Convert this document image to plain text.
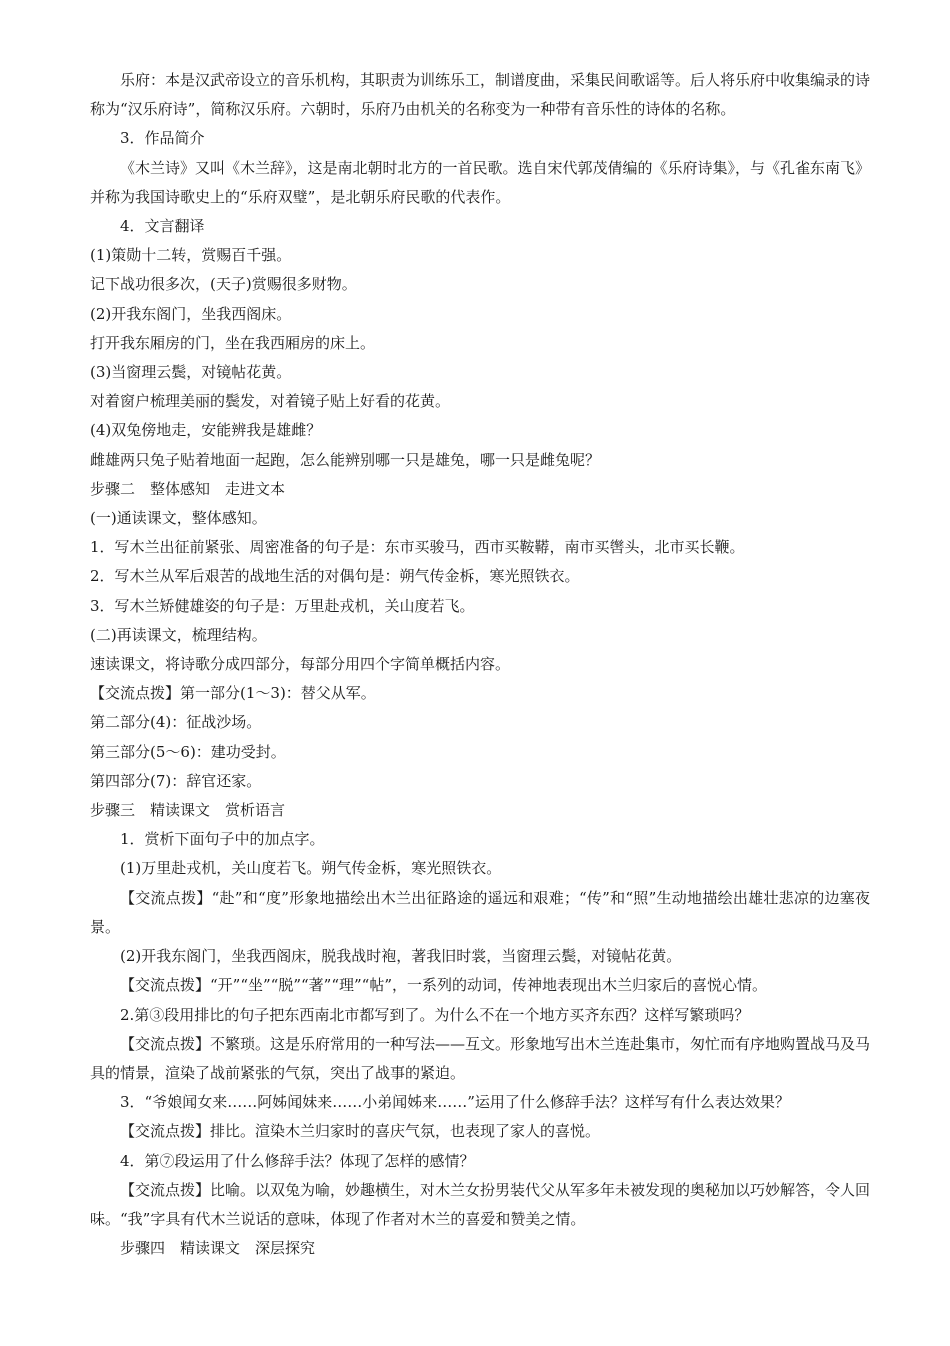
乐府：本是汉武帝设立的音乐机构，其职责为训练乐工，制谱度曲，采集民间歌谣等。后人将乐府中收集编录的诗称为“汉乐府诗”，简称汉乐府。六朝时，乐府乃由机关的名称变为一种带有音乐性的诗体的名称。

3．作品简介

《木兰诗》又叫《木兰辞》，这是南北朝时北方的一首民歌。选自宋代郭茂倩编的《乐府诗集》，与《孔雀东南飞》并称为我国诗歌史上的“乐府双璧”，是北朝乐府民歌的代表作。

4．文言翻译

(1)策勋十二转，赏赐百千强。

记下战功很多次，(天子)赏赐很多财物。

(2)开我东阁门，坐我西阁床。

打开我东厢房的门，坐在我西厢房的床上。

(3)当窗理云鬓，对镜帖花黄。

对着窗户梳理美丽的鬓发，对着镜子贴上好看的花黄。

(4)双兔傍地走，安能辨我是雄雌？

雌雄两只兔子贴着地面一起跑，怎么能辨别哪一只是雄兔，哪一只是雌兔呢？

步骤二　整体感知　走进文本

(一)通读课文，整体感知。

1．写木兰出征前紧张、周密准备的句子是：东市买骏马，西市买鞍鞯，南市买辔头，北市买长鞭。

2．写木兰从军后艰苦的战地生活的对偶句是：朔气传金柝，寒光照铁衣。

3．写木兰矫健雄姿的句子是：万里赴戎机，关山度若飞。

(二)再读课文，梳理结构。

速读课文，将诗歌分成四部分，每部分用四个字简单概括内容。

【交流点拨】第一部分(1～3)：替父从军。

第二部分(4)：征战沙场。

第三部分(5～6)：建功受封。

第四部分(7)：辞官还家。

步骤三　精读课文　赏析语言

1．赏析下面句子中的加点字。

(1)万里赴戎机，关山度若飞。朔气传金柝，寒光照铁衣。

【交流点拨】“赴”和“度”形象地描绘出木兰出征路途的遥远和艰难；“传”和“照”生动地描绘出雄壮悲凉的边塞夜景。

(2)开我东阁门，坐我西阁床，脱我战时袍，著我旧时裳，当窗理云鬓，对镜帖花黄。

【交流点拨】“开”“坐”“脱”“著”“理”“帖”，一系列的动词，传神地表现出木兰归家后的喜悦心情。

2.第③段用排比的句子把东西南北市都写到了。为什么不在一个地方买齐东西？这样写繁琐吗？

【交流点拨】不繁琐。这是乐府常用的一种写法——互文。形象地写出木兰连赴集市，匆忙而有序地购置战马及马具的情景，渲染了战前紧张的气氛，突出了战事的紧迫。

3．“爷娘闻女来……阿姊闻妹来……小弟闻姊来……”运用了什么修辞手法？这样写有什么表达效果？

【交流点拨】排比。渲染木兰归家时的喜庆气氛，也表现了家人的喜悦。

4．第⑦段运用了什么修辞手法？体现了怎样的感情？

【交流点拨】比喻。以双兔为喻，妙趣横生，对木兰女扮男装代父从军多年未被发现的奥秘加以巧妙解答，令人回味。“我”字具有代木兰说话的意味，体现了作者对木兰的喜爱和赞美之情。

步骤四　精读课文　深层探究
